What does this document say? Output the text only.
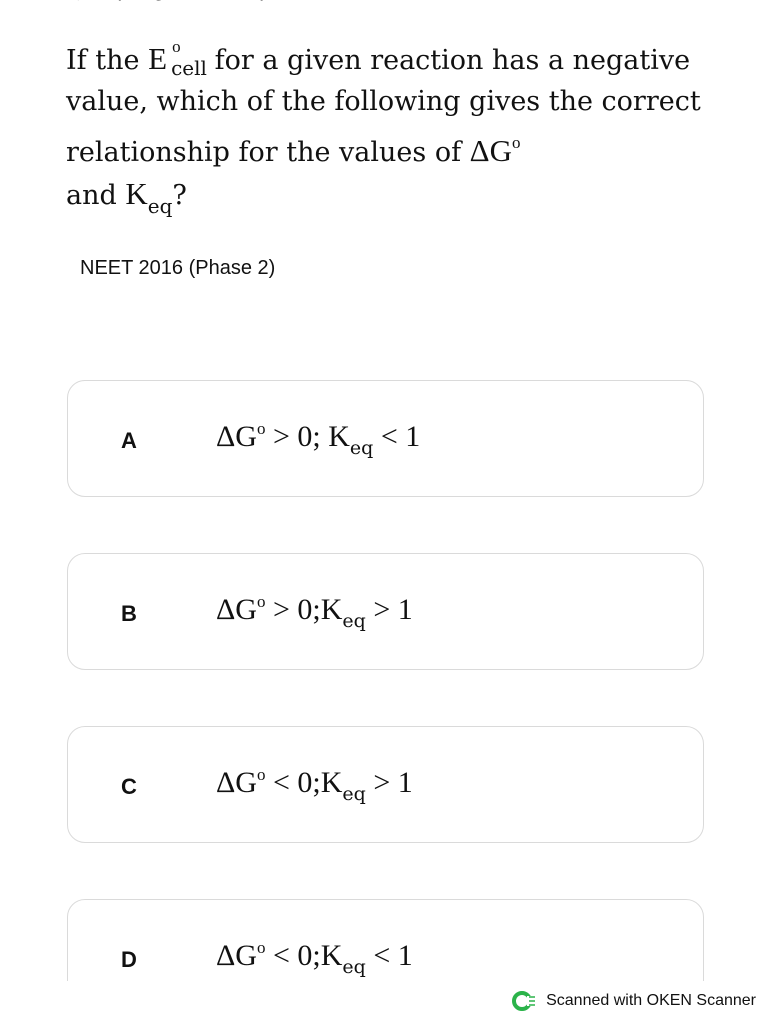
If the E o
cell for a given reaction has a negative value, which of the following gives the correct relationship for the values of $\Delta G^o$
and $K_{eq}$?
NEET 2016 (Phase 2)
A	$\Delta G^o > 0$; $K_{eq} < 1$
B	$\Delta G^o$ > $0;K_{eq} > 1$
C	$\Delta G^o$ < $0;K_{eq} > 1$
D	$\Delta G^o$ < $0;K_{eq} < 1$
Scanned with OKEN Scanner
